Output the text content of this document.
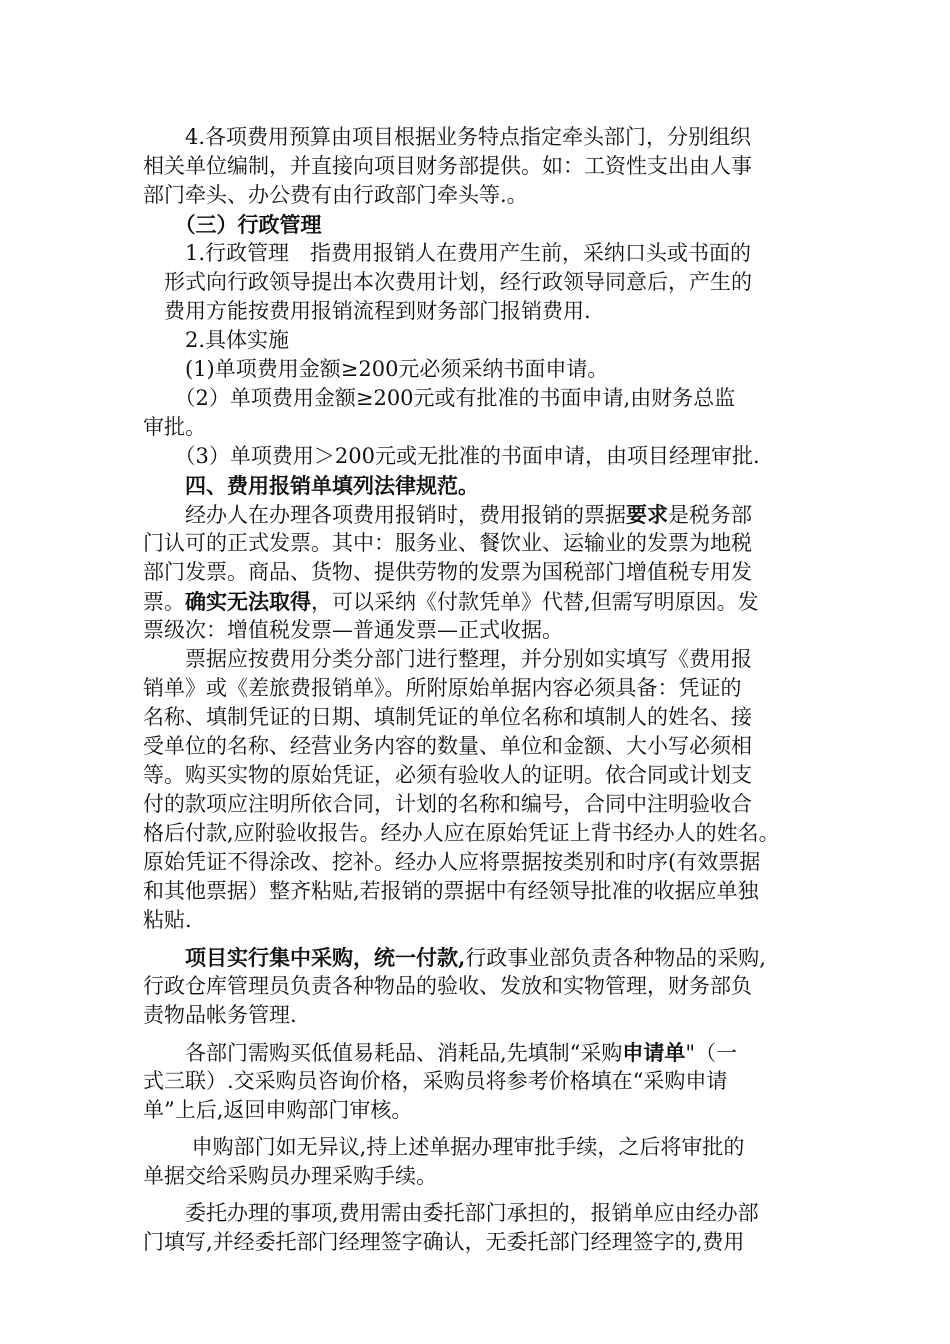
　　4.各项费用预算由项目根据业务特点指定牵头部门，分别组织
相关单位编制，并直接向项目财务部提供。如：工资性支出由人事
部门牵头、办公费有由行政部门牵头等.。
　　（三）行政管理
　　1.行政管理　指费用报销人在费用产生前，采纳口头或书面的
　形式向行政领导提出本次费用计划，经行政领导同意后，产生的
　费用方能按费用报销流程到财务部门报销费用.
　　2.具体实施
　　(1)单项费用金额≥200元必须采纳书面申请。
　　（2）单项费用金额≥200元或有批准的书面申请,由财务总监
审批。
　　（3）单项费用＞200元或无批准的书面申请，由项目经理审批.
　　四、费用报销单填列法律规范。
　　经办人在办理各项费用报销时，费用报销的票据要求是税务部
门认可的正式发票。其中：服务业、餐饮业、运输业的发票为地税
部门发票。商品、货物、提供劳物的发票为国税部门增值税专用发
票。确实无法取得，可以采纳《付款凭单》代替,但需写明原因。发
票级次：增值税发票—普通发票—正式收据。
　　票据应按费用分类分部门进行整理，并分别如实填写《费用报
销单》或《差旅费报销单》。所附原始单据内容必须具备：凭证的
名称、填制凭证的日期、填制凭证的单位名称和填制人的姓名、接
受单位的名称、经营业务内容的数量、单位和金额、大小写必须相
等。购买实物的原始凭证，必须有验收人的证明。依合同或计划支
付的款项应注明所依合同，计划的名称和编号，合同中注明验收合
格后付款,应附验收报告。经办人应在原始凭证上背书经办人的姓名。
原始凭证不得涂改、挖补。经办人应将票据按类别和时序(有效票据
和其他票据）整齐粘贴,若报销的票据中有经领导批准的收据应单独
粘贴.
　　项目实行集中采购，统一付款,行政事业部负责各种物品的采购,
行政仓库管理员负责各种物品的验收、发放和实物管理，财务部负
责物品帐务管理.
　　各部门需购买低值易耗品、消耗品,先填制“采购申请单"（一
式三联）.交采购员咨询价格，采购员将参考价格填在“采购申请
单”上后,返回申购部门审核。
　　 申购部门如无异议,持上述单据办理审批手续，之后将审批的
单据交给采购员办理采购手续。
　　委托办理的事项,费用需由委托部门承担的，报销单应由经办部
门填写,并经委托部门经理签字确认，无委托部门经理签字的,费用
